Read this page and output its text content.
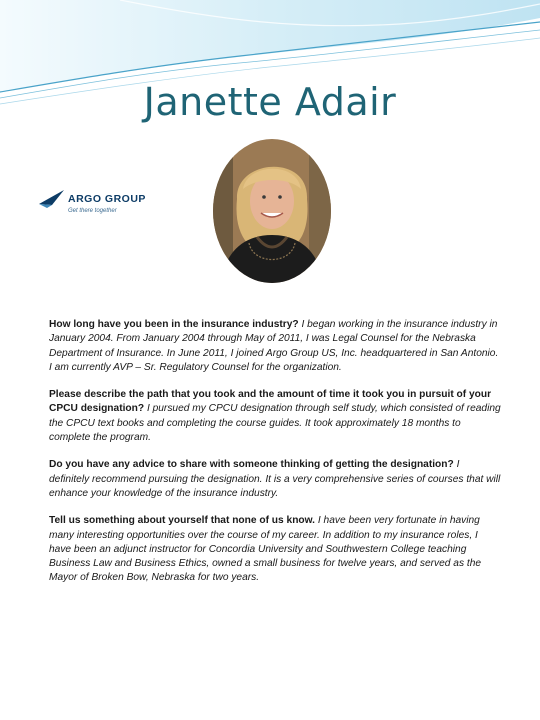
Janette Adair
ARGO GROUP
Get there together

How long have you been in the insurance industry? I began working in the insurance industry in January 2004. From January 2004 through May of 2011, I was Legal Counsel for the Nebraska Department of Insurance. In June 2011, I joined Argo Group US, Inc. headquartered in San Antonio. I am currently AVP – Sr. Regulatory Counsel for the organization.

Please describe the path that you took and the amount of time it took you in pursuit of your CPCU designation? I pursued my CPCU designation through self study, which consisted of reading the CPCU text books and completing the course guides. It took approximately 18 months to complete the program.

Do you have any advice to share with someone thinking of getting the designation? I definitely recommend pursuing the designation. It is a very comprehensive series of courses that will enhance your knowledge of the insurance industry.

Tell us something about yourself that none of us know. I have been very fortunate in having many interesting opportunities over the course of my career. In addition to my insurance roles, I have been an adjunct instructor for Concordia University and Southwestern College teaching Business Law and Business Ethics, owned a small business for twelve years, and served as the Mayor of Broken Bow, Nebraska for two years.
